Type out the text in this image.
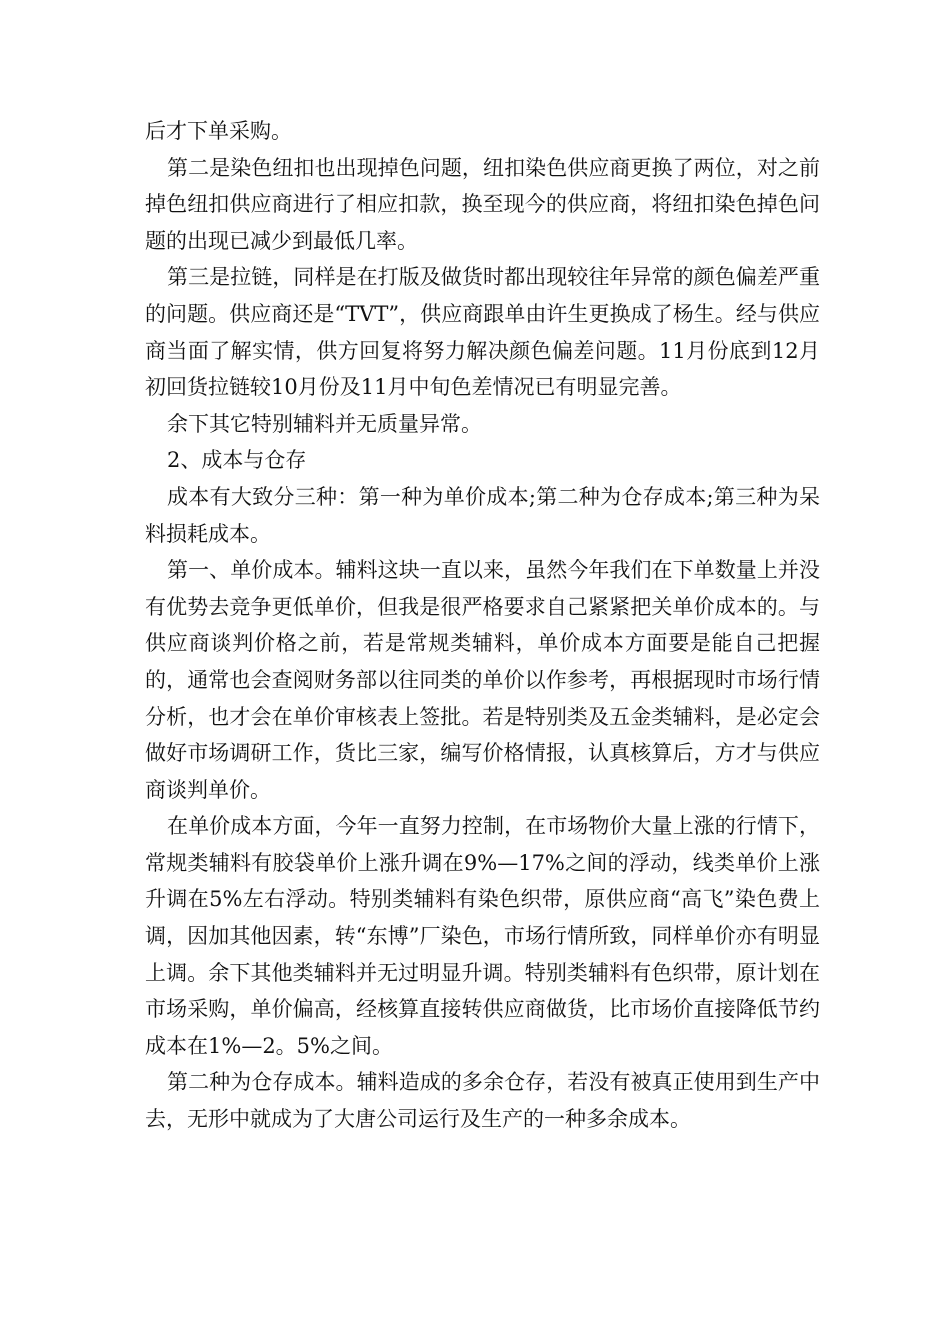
后才下单采购。

第二是染色纽扣也出现掉色问题，纽扣染色供应商更换了两位，对之前掉色纽扣供应商进行了相应扣款，换至现今的供应商，将纽扣染色掉色问题的出现已减少到最低几率。

第三是拉链，同样是在打版及做货时都出现较往年异常的颜色偏差严重的问题。供应商还是“TVT”，供应商跟单由许生更换成了杨生。经与供应商当面了解实情，供方回复将努力解决颜色偏差问题。11月份底到12月初回货拉链较10月份及11月中旬色差情况已有明显完善。

余下其它特别辅料并无质量异常。

2、成本与仓存

成本有大致分三种：第一种为单价成本;第二种为仓存成本;第三种为呆料损耗成本。

第一、单价成本。辅料这块一直以来，虽然今年我们在下单数量上并没有优势去竞争更低单价，但我是很严格要求自己紧紧把关单价成本的。与供应商谈判价格之前，若是常规类辅料，单价成本方面要是能自己把握的，通常也会查阅财务部以往同类的单价以作参考，再根据现时市场行情分析，也才会在单价审核表上签批。若是特别类及五金类辅料，是必定会做好市场调研工作，货比三家，编写价格情报，认真核算后，方才与供应商谈判单价。

在单价成本方面，今年一直努力控制，在市场物价大量上涨的行情下，常规类辅料有胶袋单价上涨升调在9%—17%之间的浮动，线类单价上涨升调在5%左右浮动。特别类辅料有染色织带，原供应商“高飞”染色费上调，因加其他因素，转“东博”厂染色，市场行情所致，同样单价亦有明显上调。余下其他类辅料并无过明显升调。特别类辅料有色织带，原计划在市场采购，单价偏高，经核算直接转供应商做货，比市场价直接降低节约成本在1%—2。5%之间。

第二种为仓存成本。辅料造成的多余仓存，若没有被真正使用到生产中去，无形中就成为了大唐公司运行及生产的一种多余成本。
